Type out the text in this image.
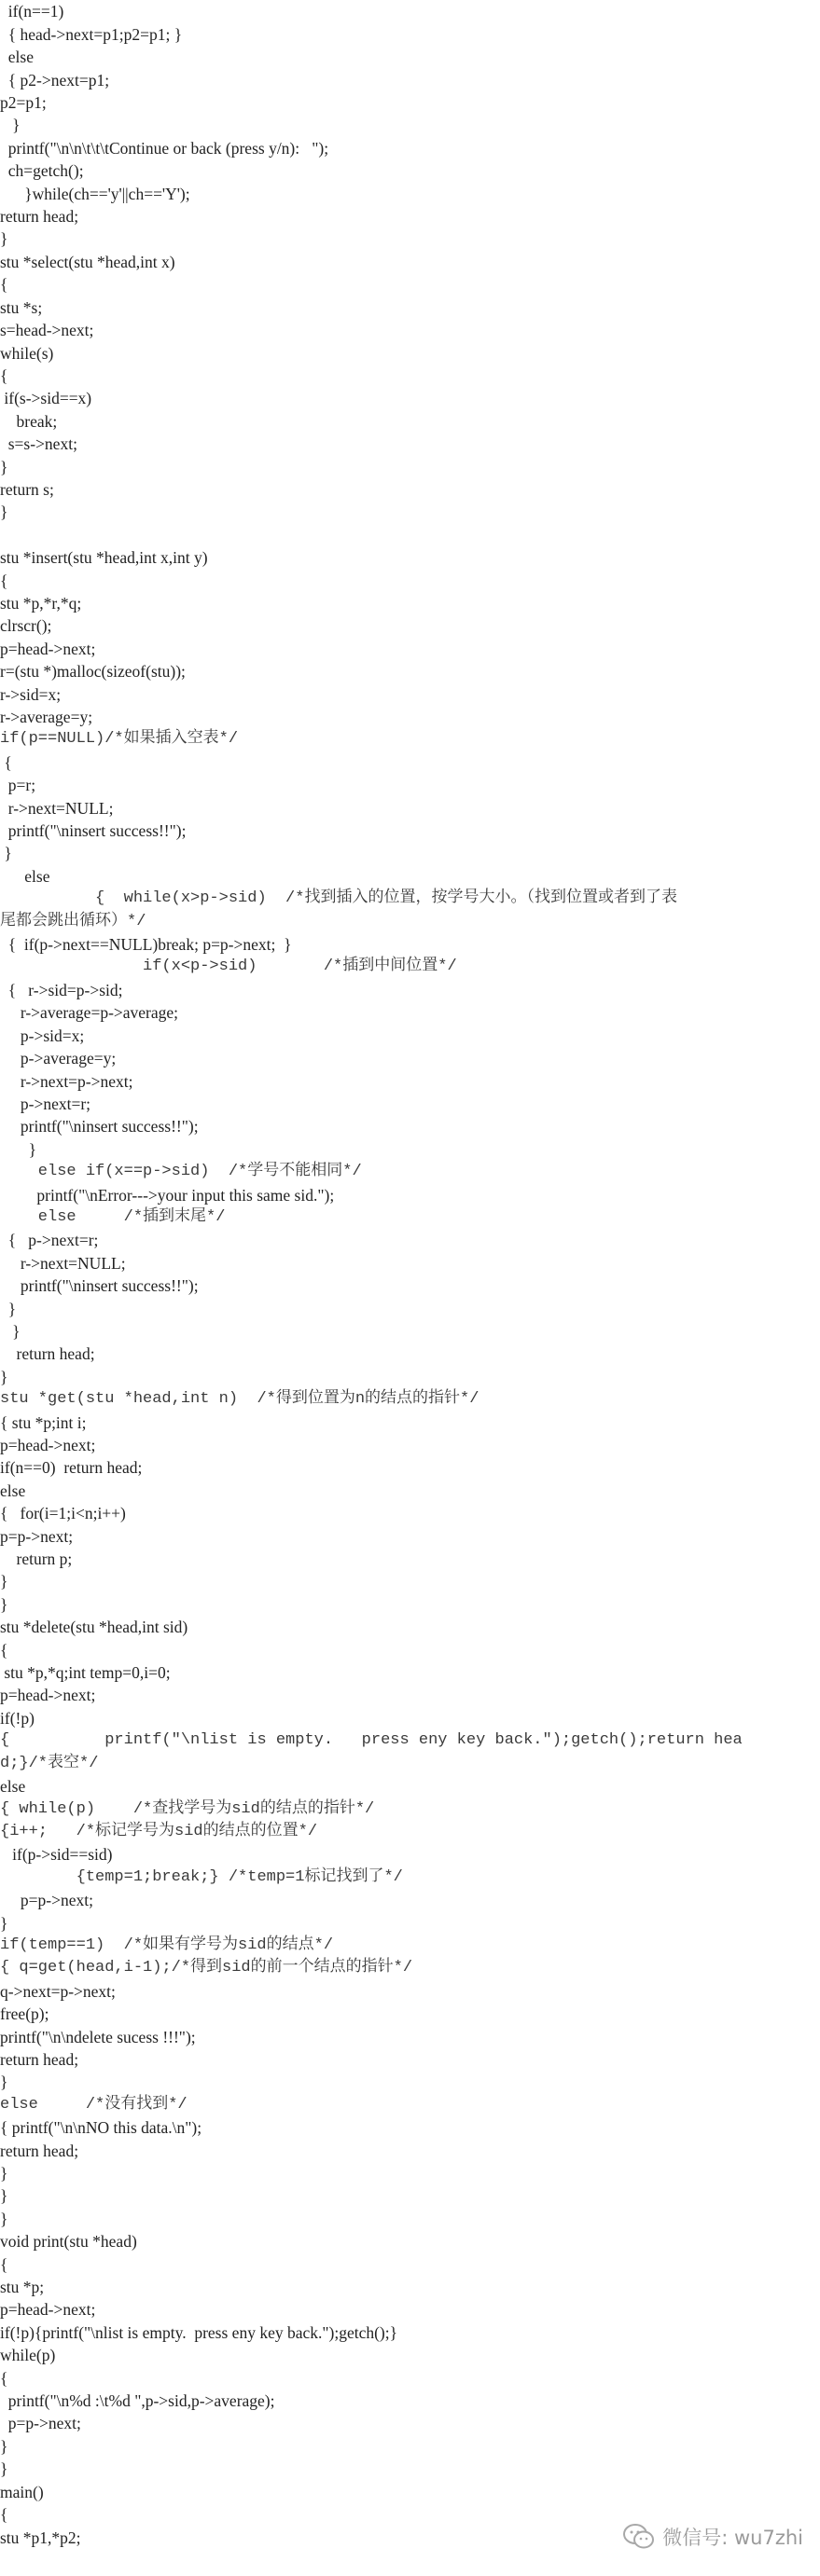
if(n==1)
{ head->next=p1;p2=p1; }
else
{ p2->next=p1;
p2=p1;
}
printf("\n\n\t\t\tContinue or back (press y/n):   ");
ch=getch();
}while(ch=='y'||ch=='Y');
return head;
}
stu *select(stu *head,int x)
{
stu *s;
s=head->next;
while(s)
{
if(s->sid==x)
break;
s=s->next;
}
return s;
}
stu *insert(stu *head,int x,int y)
{
stu *p,*r,*q;
clrscr();
p=head->next;
r=(stu *)malloc(sizeof(stu));
r->sid=x;
r->average=y;
if(p==NULL)/*如果插入空表*/
{
p=r;
r->next=NULL;
printf("\ninsert success!!");
}
else
{  while(x>p->sid)  /*找到插入的位置，按学号大小。（找到位置或者到了表
尾都会跳出循环）*/
{  if(p->next==NULL)break; p=p->next;  }
if(x<p->sid)       /*插到中间位置*/
{   r->sid=p->sid;
r->average=p->average;
p->sid=x;
p->average=y;
r->next=p->next;
p->next=r;
printf("\ninsert success!!");
}
else if(x==p->sid)  /*学号不能相同*/
printf("\nError--->your input this same sid.");
else     /*插到末尾*/
{   p->next=r;
r->next=NULL;
printf("\ninsert success!!");
}
}
return head;
}
stu *get(stu *head,int n)  /*得到位置为n的结点的指针*/
{ stu *p;int i;
p=head->next;
if(n==0)  return head;
else
{   for(i=1;i<n;i++)
p=p->next;
return p;
}
}
stu *delete(stu *head,int sid)
{
stu *p,*q;int temp=0,i=0;
p=head->next;
if(!p)
{          printf("\nlist is empty.   press eny key back.");getch();return hea
d;}/*表空*/
else
{ while(p)    /*查找学号为sid的结点的指针*/
{i++;   /*标记学号为sid的结点的位置*/
if(p->sid==sid)
{temp=1;break;} /*temp=1标记找到了*/
p=p->next;
}
if(temp==1)  /*如果有学号为sid的结点*/
{ q=get(head,i-1);/*得到sid的前一个结点的指针*/
q->next=p->next;
free(p);
printf("\n\ndelete sucess !!!");
return head;
}
else     /*没有找到*/
{ printf("\n\nNO this data.\n");
return head;
}
}
}
void print(stu *head)
{
stu *p;
p=head->next;
if(!p){printf("\nlist is empty.  press eny key back.");getch();}
while(p)
{
printf("\n%d :\t%d ",p->sid,p->average);
p=p->next;
}
}
main()
{
stu *p1,*p2;	微信号: wu7zhi
